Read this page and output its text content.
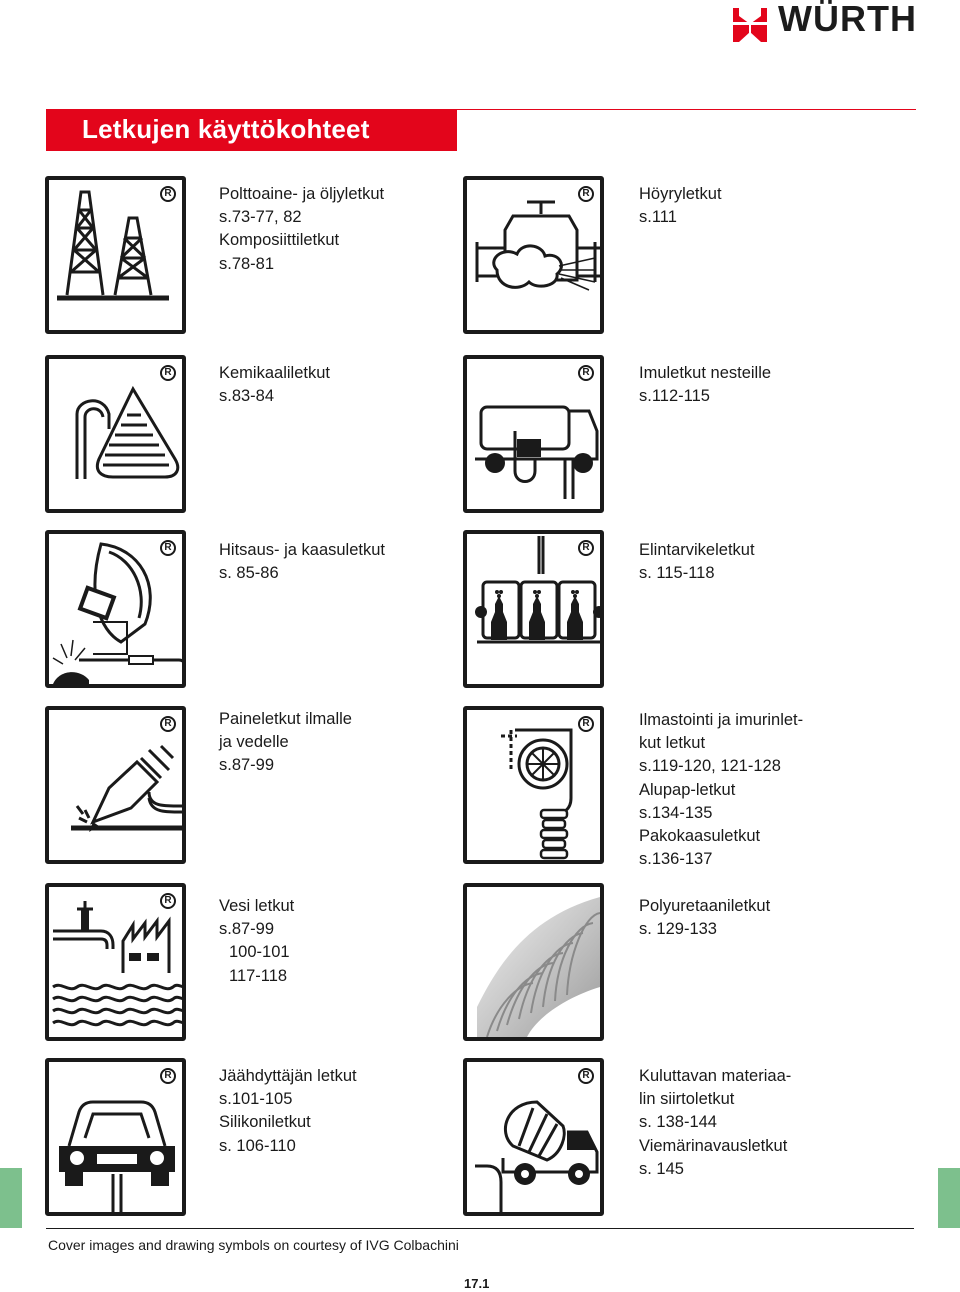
WÜRTH
Letkujen käyttökohteet
R	Polttoaine- ja öljyletkut
s.73-77, 82
Komposiittiletkut
s.78-81
R	Höyryletkut
s.111
R	Kemikaaliletkut
s.83-84
R	Imuletkut nesteille
s.112-115
R	Hitsaus- ja kaasuletkut
s. 85-86
R	Elintarvikeletkut
s. 115-118
R	Paineletkut ilmalle
ja vedelle
s.87-99
R	Ilmastointi ja imurinlet-
kut letkut
s.119-120, 121-128
Alupap-letkut
s.134-135
Pakokaasuletkut
s.136-137
R	Vesi letkut
s.87-99
100-101
117-118
Polyuretaaniletkut
s. 129-133
R	Jäähdyttäjän letkut
s.101-105
Silikoniletkut
s. 106-110
R	Kuluttavan materiaa-
lin siirtoletkut
s. 138-144
Viemärinavausletkut
s. 145
Cover images and drawing symbols on courtesy of IVG Colbachini
17.1
